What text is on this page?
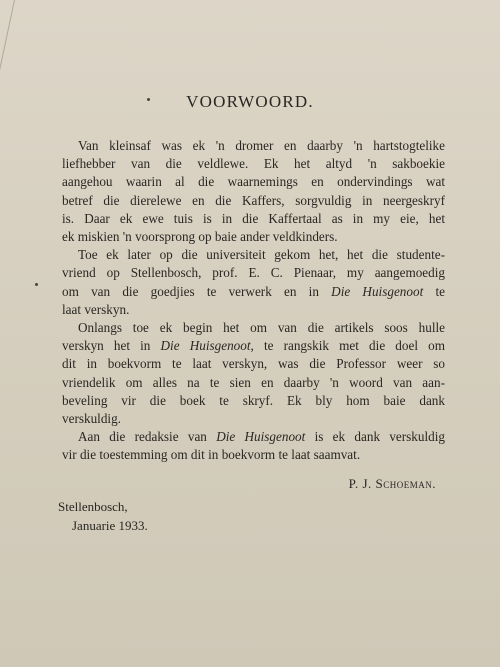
VOORWOORD.

Van kleinsaf was ek 'n dromer en daarby 'n hartstogtelike
liefhebber van die veldlewe. Ek het altyd 'n sakboekie
aangehou waarin al die waarnemings en ondervindings wat
betref die dierelewe en die Kaffers, sorgvuldig in neergeskryf
is. Daar ek ewe tuis is in die Kaffertaal as in my eie, het
ek miskien 'n voorsprong op baie ander veldkinders.

Toe ek later op die universiteit gekom het, het die studente-
vriend op Stellenbosch, prof. E. C. Pienaar, my aangemoedig
om van die goedjies te verwerk en in Die Huisgenoot te
laat verskyn.

Onlangs toe ek begin het om van die artikels soos hulle
verskyn het in Die Huisgenoot, te rangskik met die doel om
dit in boekvorm te laat verskyn, was die Professor weer so
vriendelik om alles na te sien en daarby 'n woord van aan-
beveling vir die boek te skryf. Ek bly hom baie dank
verskuldig.

Aan die redaksie van Die Huisgenoot is ek dank verskuldig
vir die toestemming om dit in boekvorm te laat saamvat.

P. J. Schoeman.
Stellenbosch,
Januarie 1933.
